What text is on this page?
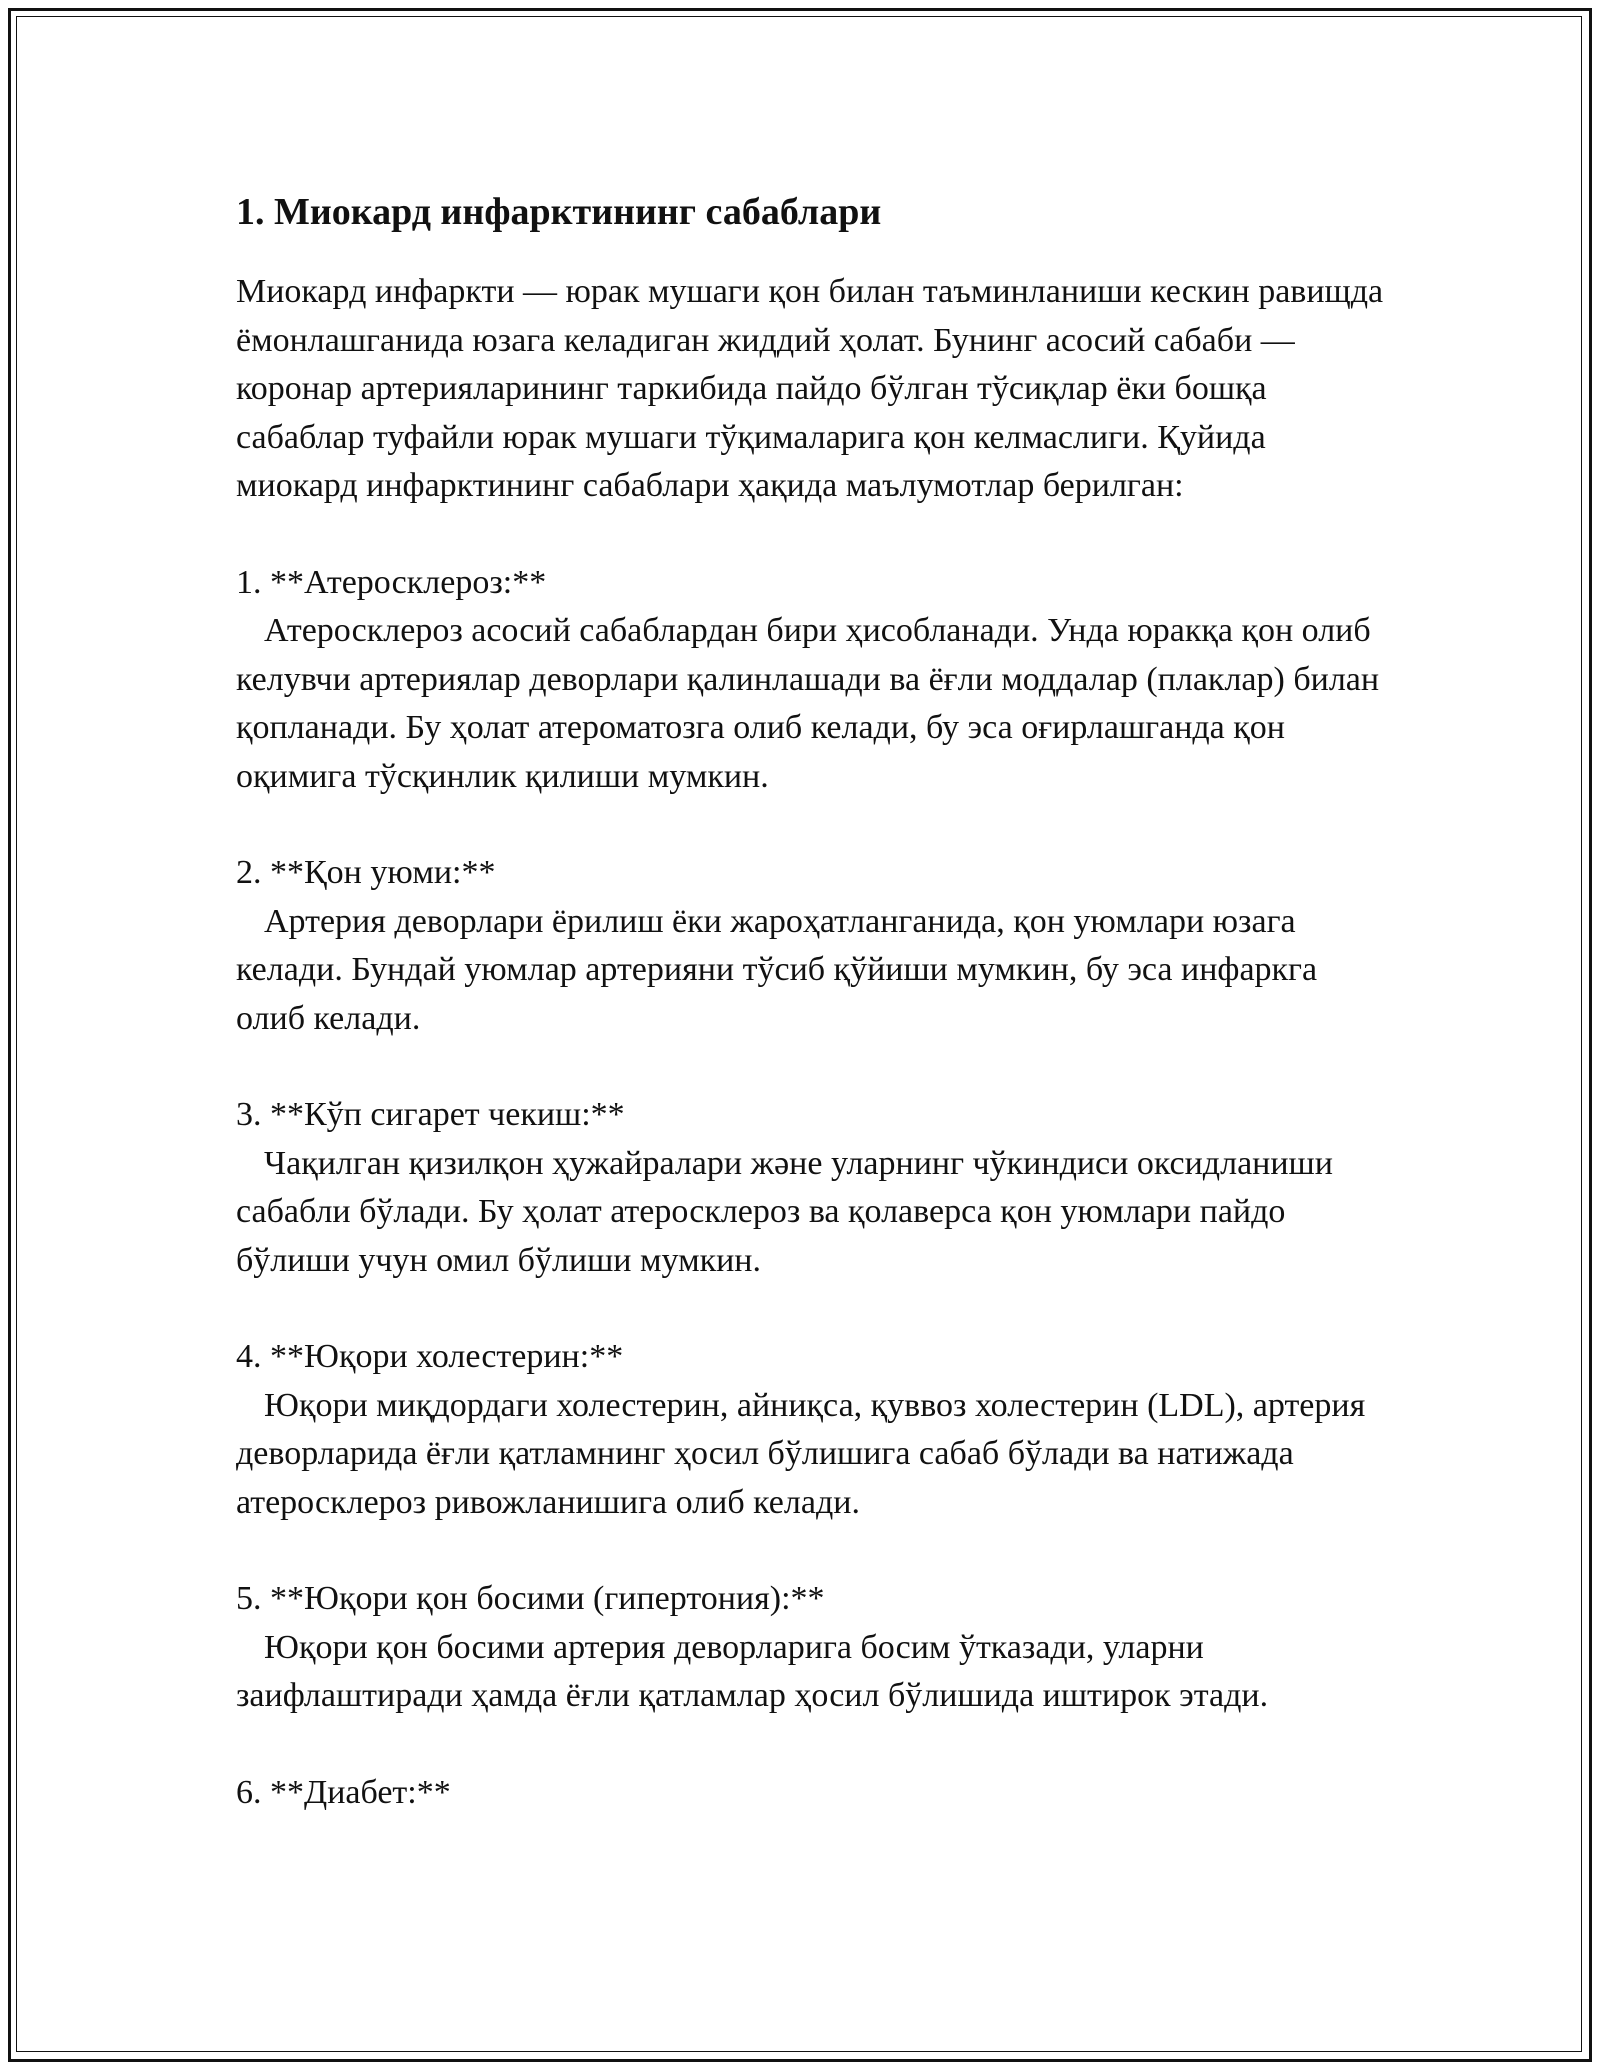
1. Миокард инфарктининг сабаблари

Миокард инфаркти — юрак мушаги қон билан таъминланиши кескин равищда ёмонлашганида юзага келадиган жиддий ҳолат. Бунинг асосий сабаби — коронар артерияларининг таркибида пайдо бўлган тўсиқлар ёки бошқа сабаблар туфайли юрак мушаги тўқималарига қон келмаслиги. Қуйида миокард инфарктининг сабаблари ҳақида маълумотлар берилган:

1. **Атеросклероз:**

Атеросклероз асосий сабаблардан бири ҳисобланади. Унда юракқа қон олиб келувчи артериялар деворлари қалинлашади ва ёғли моддалар (плаклар) билан қопланади. Бу ҳолат атероматозга олиб келади, бу эса оғирлашганда қон оқимига тўсқинлик қилиши мумкин.

2. **Қон уюми:**

Артерия деворлари ёрилиш ёки жароҳатланганида, қон уюмлари юзага келади. Бундай уюмлар артерияни тўсиб қўйиши мумкин, бу эса инфаркга олиб келади.

3. **Кўп сигарет чекиш:**

Чақилган қизилқон ҳужайралари және уларнинг чўкиндиси оксидланиши сабабли бўлади. Бу ҳолат атеросклероз ва қолаверса қон уюмлари пайдо бўлиши учун омил бўлиши мумкин.

4. **Юқори холестерин:**

Юқори миқдордаги холестерин, айниқса, қуввоз холестерин (LDL), артерия деворларида ёғли қатламнинг ҳосил бўлишига сабаб бўлади ва натижада атеросклероз ривожланишига олиб келади.

5. **Юқори қон босими (гипертония):**

Юқори қон босими артерия деворларига босим ўтказади, уларни заифлаштиради ҳамда ёғли қатламлар ҳосил бўлишида иштирок этади.

6. **Диабет:**
